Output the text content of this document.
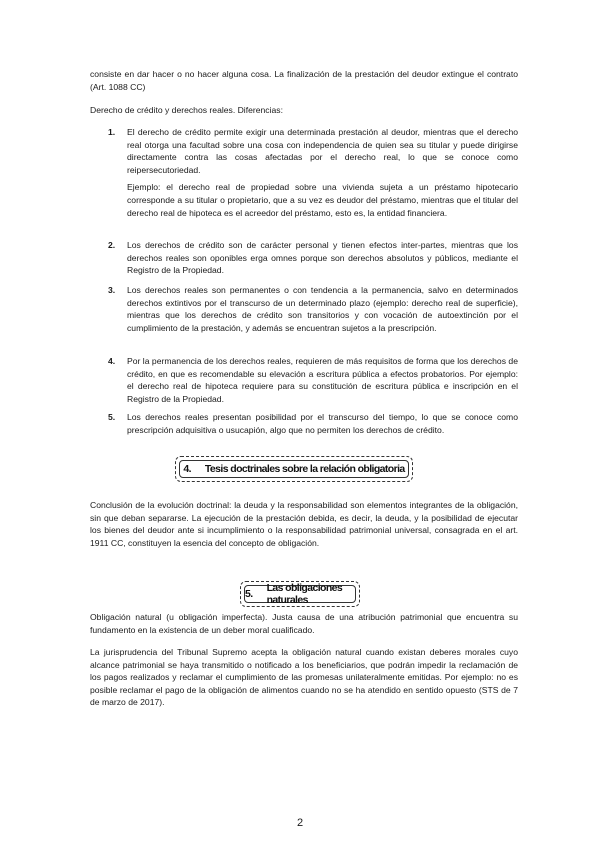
consiste en dar hacer o no hacer alguna cosa. La finalización de la prestación del deudor extingue el contrato (Art. 1088 CC)

Derecho de crédito y derechos reales. Diferencias:

1. El derecho de crédito permite exigir una determinada prestación al deudor, mientras que el derecho real otorga una facultad sobre una cosa con independencia de quien sea su titular y puede dirigirse directamente contra las cosas afectadas por el derecho real, lo que se conoce como reipersecutoriedad.
Ejemplo: el derecho real de propiedad sobre una vivienda sujeta a un préstamo hipotecario corresponde a su titular o propietario, que a su vez es deudor del préstamo, mientras que el titular del derecho real de hipoteca es el acreedor del préstamo, esto es, la entidad financiera.
2. Los derechos de crédito son de carácter personal y tienen efectos inter-partes, mientras que los derechos reales son oponibles erga omnes porque son derechos absolutos y públicos, mediante el Registro de la Propiedad.
3. Los derechos reales son permanentes o con tendencia a la permanencia, salvo en determinados derechos extintivos por el transcurso de un determinado plazo (ejemplo: derecho real de superficie), mientras que los derechos de crédito son transitorios y con vocación de autoextinción por el cumplimiento de la prestación, y además se encuentran sujetos a la prescripción.
4. Por la permanencia de los derechos reales, requieren de más requisitos de forma que los derechos de crédito, en que es recomendable su elevación a escritura pública a efectos probatorios. Por ejemplo: el derecho real de hipoteca requiere para su constitución de escritura pública e inscripción en el Registro de la Propiedad.
5. Los derechos reales presentan posibilidad por el transcurso del tiempo, lo que se conoce como prescripción adquisitiva o usucapión, algo que no permiten los derechos de crédito.
4. Tesis doctrinales sobre la relación obligatoria

Conclusión de la evolución doctrinal: la deuda y la responsabilidad son elementos integrantes de la obligación, sin que deban separarse. La ejecución de la prestación debida, es decir, la deuda, y la posibilidad de ejecutar los bienes del deudor ante si incumplimiento o la responsabilidad patrimonial universal, consagrada en el art. 1911 CC, constituyen la esencia del concepto de obligación.

5. Las obligaciones naturales

Obligación natural (u obligación imperfecta). Justa causa de una atribución patrimonial que encuentra su fundamento en la existencia de un deber moral cualificado.

La jurisprudencia del Tribunal Supremo acepta la obligación natural cuando existan deberes morales cuyo alcance patrimonial se haya transmitido o notificado a los beneficiarios, que podrán impedir la reclamación de los pagos realizados y reclamar el cumplimiento de las promesas unilateralmente emitidas. Por ejemplo: no es posible reclamar el pago de la obligación de alimentos cuando no se ha atendido en sentido opuesto (STS de 7 de marzo de 2017).

2
